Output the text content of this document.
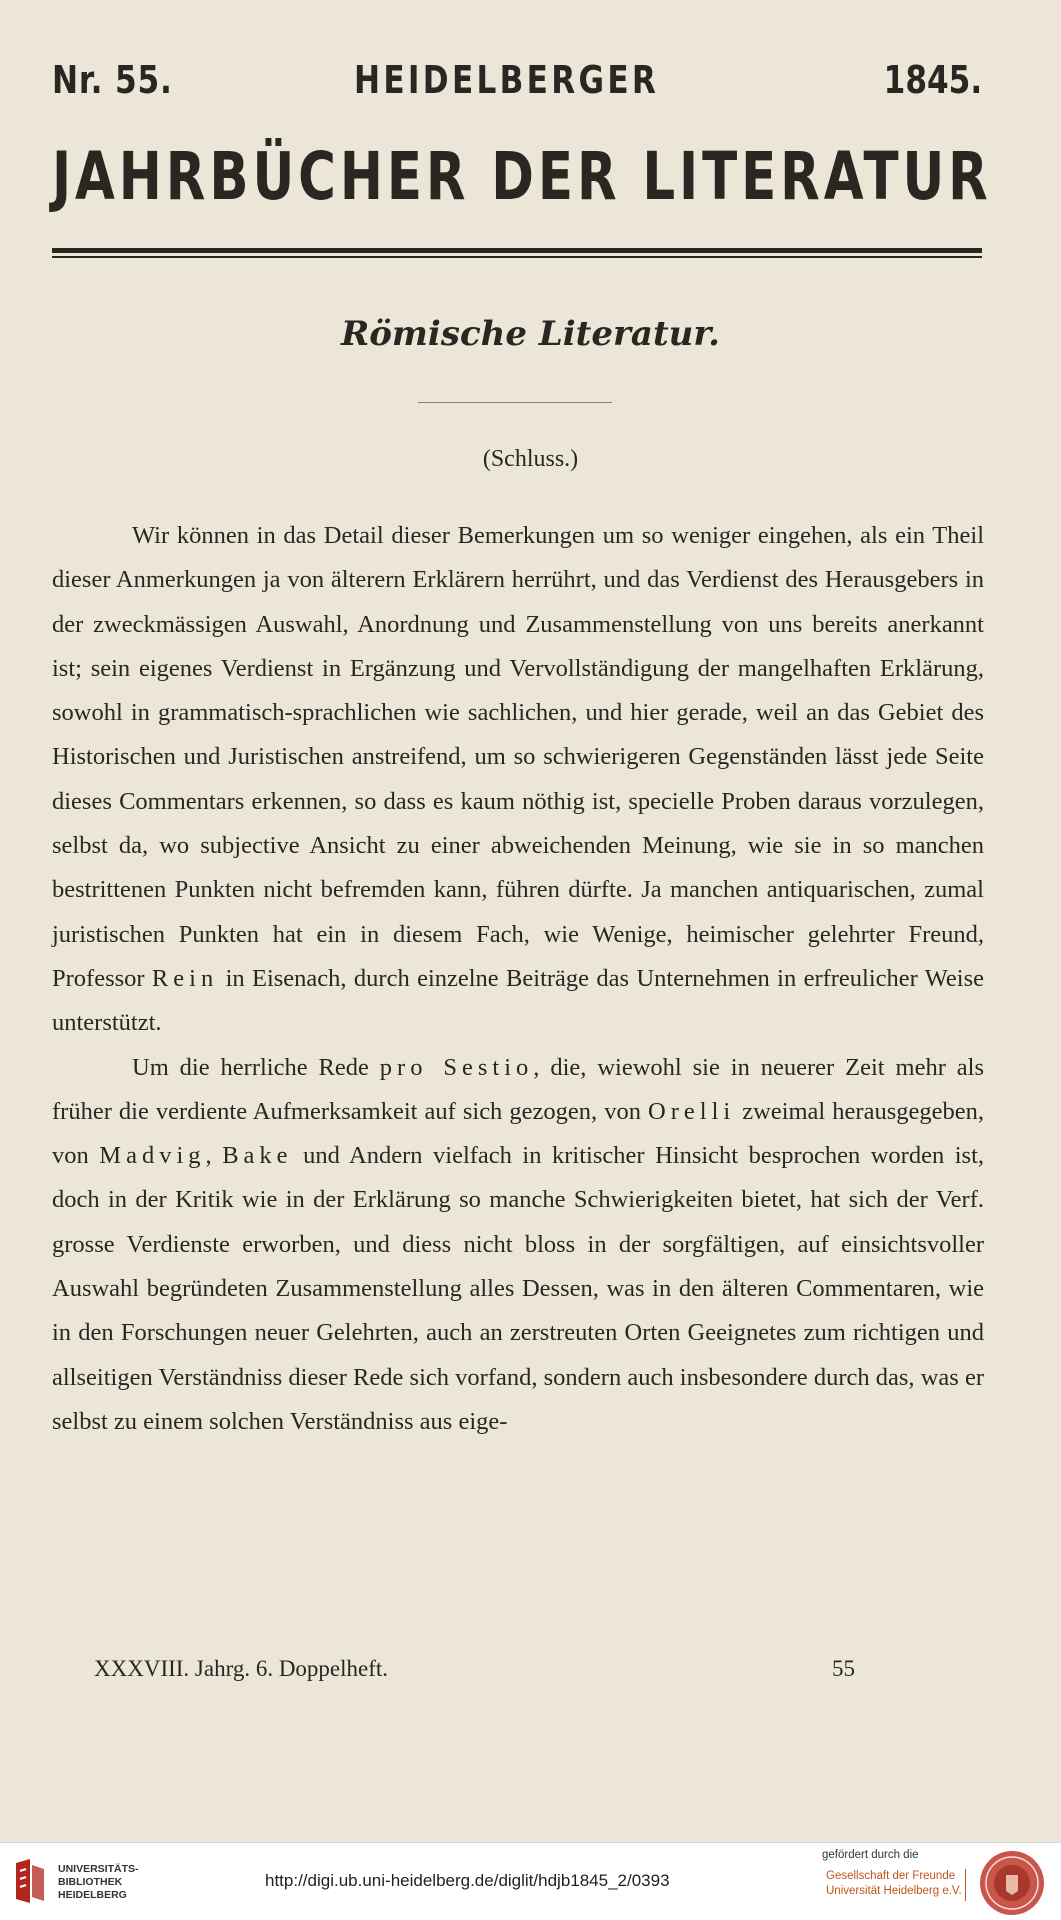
Nr. 55.	HEIDELBERGER	1845.
JAHRBÜCHER DER LITERATUR
Römische Literatur.
(Schluss.)

Wir können in das Detail dieser Bemerkungen um so weniger eingehen, als ein Theil dieser Anmerkungen ja von älterern Erklärern herrührt, und das Verdienst des Herausgebers in der zweckmässigen Auswahl, Anordnung und Zusammenstellung von uns bereits anerkannt ist; sein eigenes Verdienst in Ergänzung und Vervollständigung der mangelhaften Erklärung, sowohl in grammatisch-sprachlichen wie sachlichen, und hier gerade, weil an das Gebiet des Historischen und Juristischen anstreifend, um so schwierigeren Gegenständen lässt jede Seite dieses Commentars erkennen, so dass es kaum nöthig ist, specielle Proben daraus vorzulegen, selbst da, wo subjective Ansicht zu einer abweichenden Meinung, wie sie in so manchen bestrittenen Punkten nicht befremden kann, führen dürfte. Ja manchen antiquarischen, zumal juristischen Punkten hat ein in diesem Fach, wie Wenige, heimischer gelehrter Freund, Professor Rein in Eisenach, durch einzelne Beiträge das Unternehmen in erfreulicher Weise unterstützt.

Um die herrliche Rede pro Sestio, die, wiewohl sie in neuerer Zeit mehr als früher die verdiente Aufmerksamkeit auf sich gezogen, von Orelli zweimal herausgegeben, von Madvig, Bake und Andern vielfach in kritischer Hinsicht besprochen worden ist, doch in der Kritik wie in der Erklärung so manche Schwierigkeiten bietet, hat sich der Verf. grosse Verdienste erworben, und diess nicht bloss in der sorgfältigen, auf einsichtsvoller Auswahl begründeten Zusammenstellung alles Dessen, was in den älteren Commentaren, wie in den Forschungen neuer Gelehrten, auch an zerstreuten Orten Geeignetes zum richtigen und allseitigen Verständniss dieser Rede sich vorfand, sondern auch insbesondere durch das, was er selbst zu einem solchen Verständniss aus eige-

XXXVIII. Jahrg. 6. Doppelheft.	55
UNIVERSITÄTS-
BIBLIOTHEK
HEIDELBERG
http://digi.ub.uni-heidelberg.de/diglit/hdjb1845_2/0393
gefördert durch die
Gesellschaft der Freunde
Universität Heidelberg e.V.
